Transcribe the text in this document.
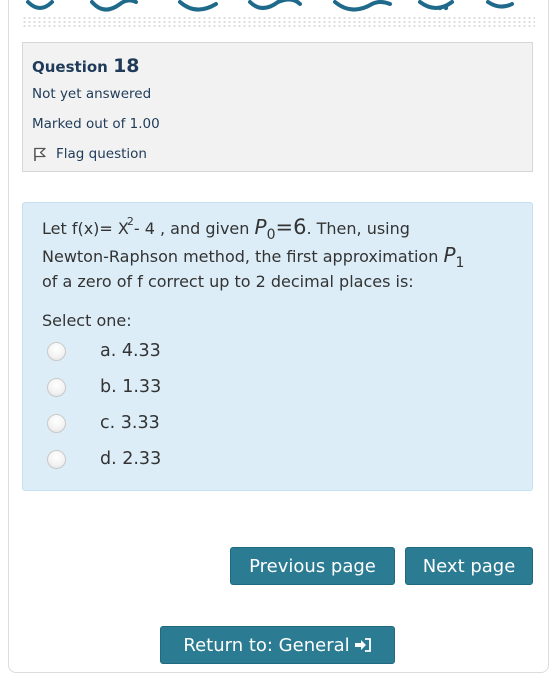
Question 18
Not yet answered
Marked out of 1.00
Flag question
Let $f(x)= X^2-$ 4 , and given P0=6. Then, using
Newton-Raphson method, the first approximation P1
of a zero of f correct up to 2 decimal places is:
Select one:
a. 4.33
b. 1.33
c. 3.33
d. 2.33
Previous page	Next page
Return to: General
